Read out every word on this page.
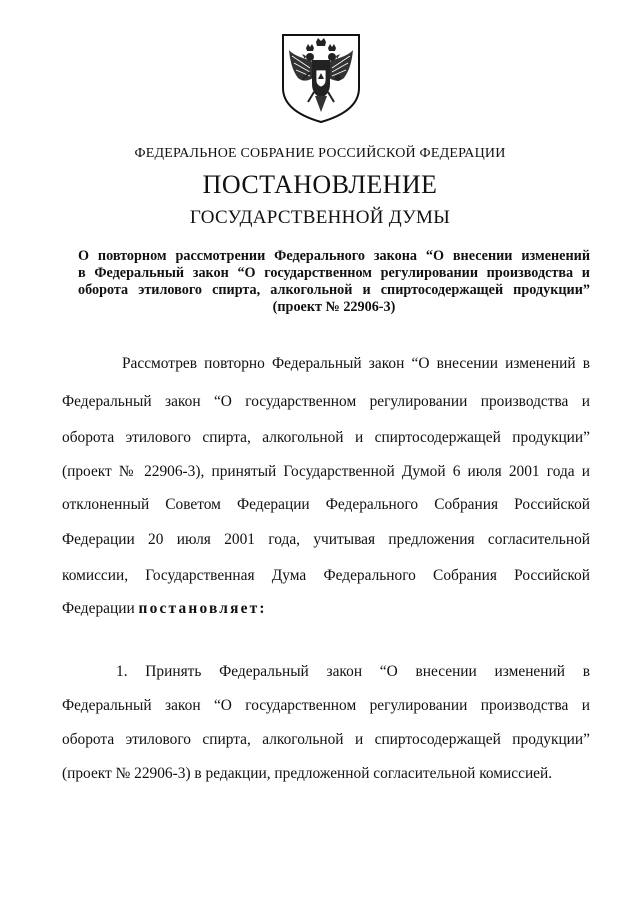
ФЕДЕРАЛЬНОЕ СОБРАНИЕ РОССИЙСКОЙ ФЕДЕРАЦИИ
ПОСТАНОВЛЕНИЕ
ГОСУДАРСТВЕННОЙ ДУМЫ
О повторном рассмотрении Федерального закона “О внесении изменений
в Федеральный закон “О государственном регулировании производства и
оборота этилового спирта, алкогольной и спиртосодержащей продукции”
(проект № 22906-3)
Рассмотрев повторно Федеральный закон “О внесении изменений в
Федеральный закон “О государственном регулировании производства и
оборота этилового спирта, алкогольной и спиртосодержащей продукции”
(проект № 22906-3), принятый Государственной Думой 6 июля 2001 года и
отклоненный Советом Федерации Федерального Собрания Российской
Федерации 20 июля 2001 года, учитывая предложения согласительной
комиссии, Государственная Дума Федерального Собрания Российской
Федерации постановляет:
1. Принять Федеральный закон “О внесении изменений в
Федеральный закон “О государственном регулировании производства и
оборота этилового спирта, алкогольной и спиртосодержащей продукции”
(проект № 22906-3) в редакции, предложенной согласительной комиссией.
